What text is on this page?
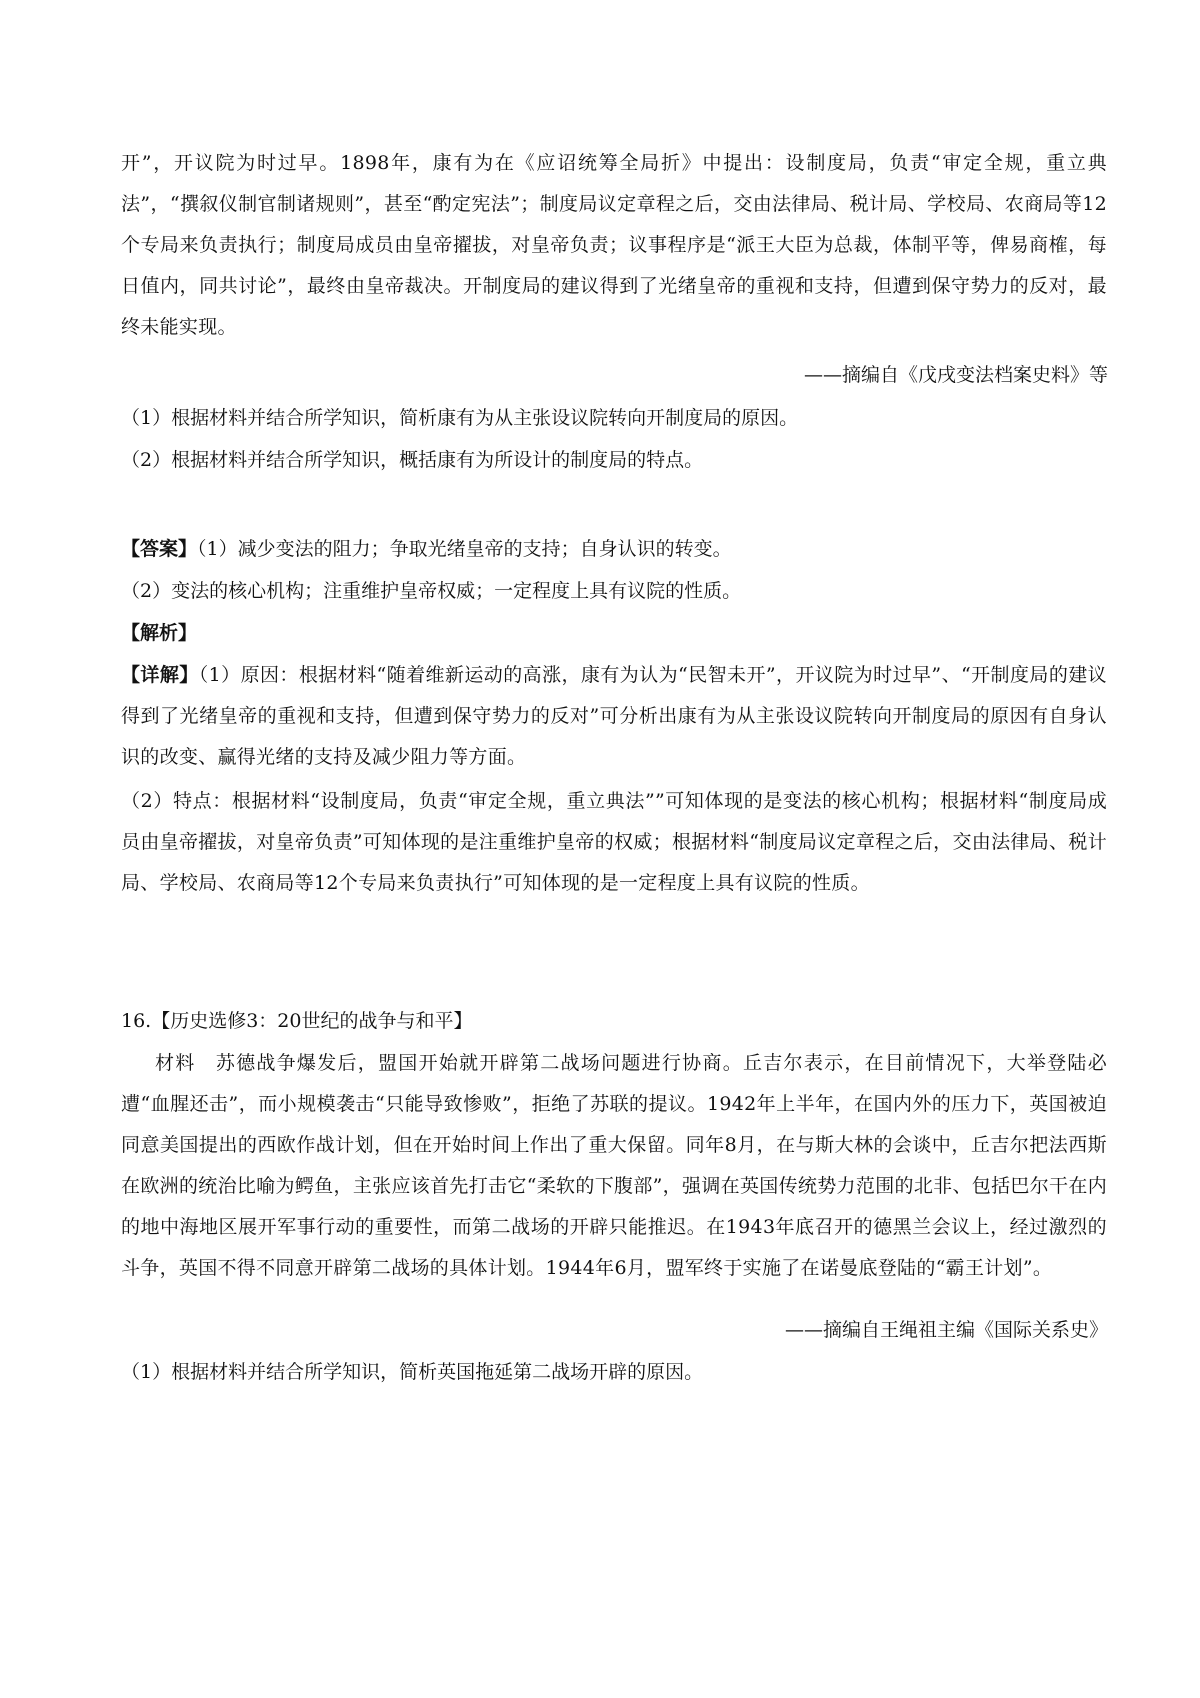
开”，开议院为时过早。1898年，康有为在《应诏统筹全局折》中提出：设制度局，负责“审定全规，重立典法”，“撰叙仪制官制诸规则”，甚至“酌定宪法”；制度局议定章程之后，交由法律局、税计局、学校局、农商局等12个专局来负责执行；制度局成员由皇帝擢拔，对皇帝负责；议事程序是“派王大臣为总裁，体制平等，俾易商榷，每日值内，同共讨论”，最终由皇帝裁决。开制度局的建议得到了光绪皇帝的重视和支持，但遭到保守势力的反对，最终未能实现。

——摘编自《戊戌变法档案史料》等

（1）根据材料并结合所学知识，简析康有为从主张设议院转向开制度局的原因。

（2）根据材料并结合所学知识，概括康有为所设计的制度局的特点。

【答案】（1）减少变法的阻力；争取光绪皇帝的支持；自身认识的转变。

（2）变法的核心机构；注重维护皇帝权威；一定程度上具有议院的性质。

【解析】

【详解】（1）原因：根据材料“随着维新运动的高涨，康有为认为“民智未开”，开议院为时过早”、“开制度局的建议得到了光绪皇帝的重视和支持，但遭到保守势力的反对”可分析出康有为从主张设议院转向开制度局的原因有自身认识的改变、赢得光绪的支持及减少阻力等方面。

（2）特点：根据材料“设制度局，负责“审定全规，重立典法””可知体现的是变法的核心机构；根据材料“制度局成员由皇帝擢拔，对皇帝负责”可知体现的是注重维护皇帝的权威；根据材料“制度局议定章程之后，交由法律局、税计局、学校局、农商局等12个专局来负责执行”可知体现的是一定程度上具有议院的性质。

16.【历史选修3：20世纪的战争与和平】

材料　苏德战争爆发后，盟国开始就开辟第二战场问题进行协商。丘吉尔表示，在目前情况下，大举登陆必遭“血腥还击”，而小规模袭击“只能导致惨败”，拒绝了苏联的提议。1942年上半年，在国内外的压力下，英国被迫同意美国提出的西欧作战计划，但在开始时间上作出了重大保留。同年8月，在与斯大林的会谈中，丘吉尔把法西斯在欧洲的统治比喻为鳄鱼，主张应该首先打击它“柔软的下腹部”，强调在英国传统势力范围的北非、包括巴尔干在内的地中海地区展开军事行动的重要性，而第二战场的开辟只能推迟。在1943年底召开的德黑兰会议上，经过激烈的斗争，英国不得不同意开辟第二战场的具体计划。1944年6月，盟军终于实施了在诺曼底登陆的“霸王计划”。

——摘编自王绳祖主编《国际关系史》

（1）根据材料并结合所学知识，简析英国拖延第二战场开辟的原因。
